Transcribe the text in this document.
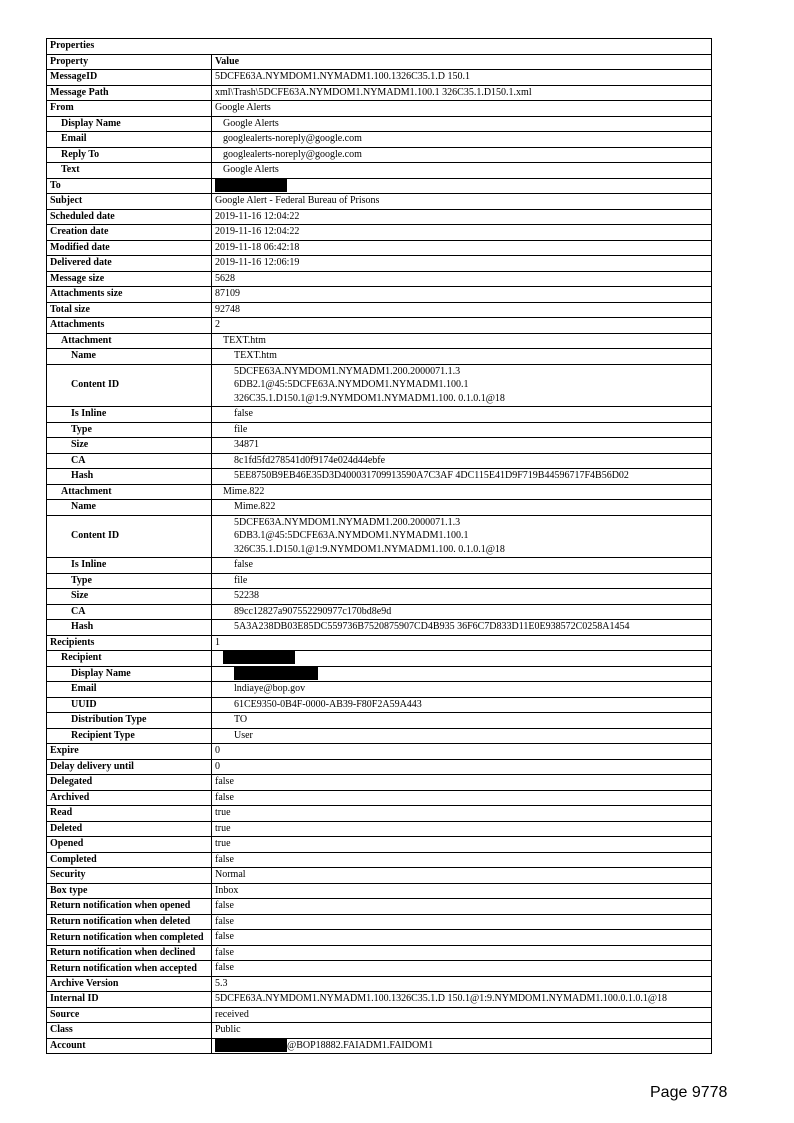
Properties	
Property	Value
MessageID	5DCFE63A.NYMDOM1.NYMADM1.100.1326C35.1.D 150.1
Message Path	xml\Trash\5DCFE63A.NYMDOM1.NYMADM1.100.1 326C35.1.D150.1.xml
From	Google Alerts
Display Name	Google Alerts
Email	googlealerts-noreply@google.com
Reply To	googlealerts-noreply@google.com
Text	Google Alerts
To	
Subject	Google Alert - Federal Bureau of Prisons
Scheduled date	2019-11-16 12:04:22
Creation date	2019-11-16 12:04:22
Modified date	2019-11-18 06:42:18
Delivered date	2019-11-16 12:06:19
Message size	5628
Attachments size	87109
Total size	92748
Attachments	2
Attachment	TEXT.htm
Name	TEXT.htm
Content ID	5DCFE63A.NYMDOM1.NYMADM1.200.2000071.1.3
6DB2.1@45:5DCFE63A.NYMDOM1.NYMADM1.100.1
326C35.1.D150.1@1:9.NYMDOM1.NYMADM1.100. 0.1.0.1@18
Is Inline	false
Type	file
Size	34871
CA	8c1fd5fd278541d0f9174e024d44ebfe
Hash	5EE8750B9EB46E35D3D400031709913590A7C3AF 4DC115E41D9F719B44596717F4B56D02
Attachment	Mime.822
Name	Mime.822
Content ID	5DCFE63A.NYMDOM1.NYMADM1.200.2000071.1.3
6DB3.1@45:5DCFE63A.NYMDOM1.NYMADM1.100.1
326C35.1.D150.1@1:9.NYMDOM1.NYMADM1.100. 0.1.0.1@18
Is Inline	false
Type	file
Size	52238
CA	89cc12827a907552290977c170bd8e9d
Hash	5A3A238DB03E85DC559736B7520875907CD4B935 36F6C7D833D11E0E938572C0258A1454
Recipients	1
Recipient	
Display Name	
Email	lndiaye@bop.gov
UUID	61CE9350-0B4F-0000-AB39-F80F2A59A443
Distribution Type	TO
Recipient Type	User
Expire	0
Delay delivery until	0
Delegated	false
Archived	false
Read	true
Deleted	true
Opened	true
Completed	false
Security	Normal
Box type	Inbox
Return notification when opened	false
Return notification when deleted	false
Return notification when completed	false
Return notification when declined	false
Return notification when accepted	false
Archive Version	5.3
Internal ID	5DCFE63A.NYMDOM1.NYMADM1.100.1326C35.1.D 150.1@1:9.NYMDOM1.NYMADM1.100.0.1.0.1@18
Source	received
Class	Public
Account	@BOP18882.FAIADM1.FAIDOM1
Page 9778
